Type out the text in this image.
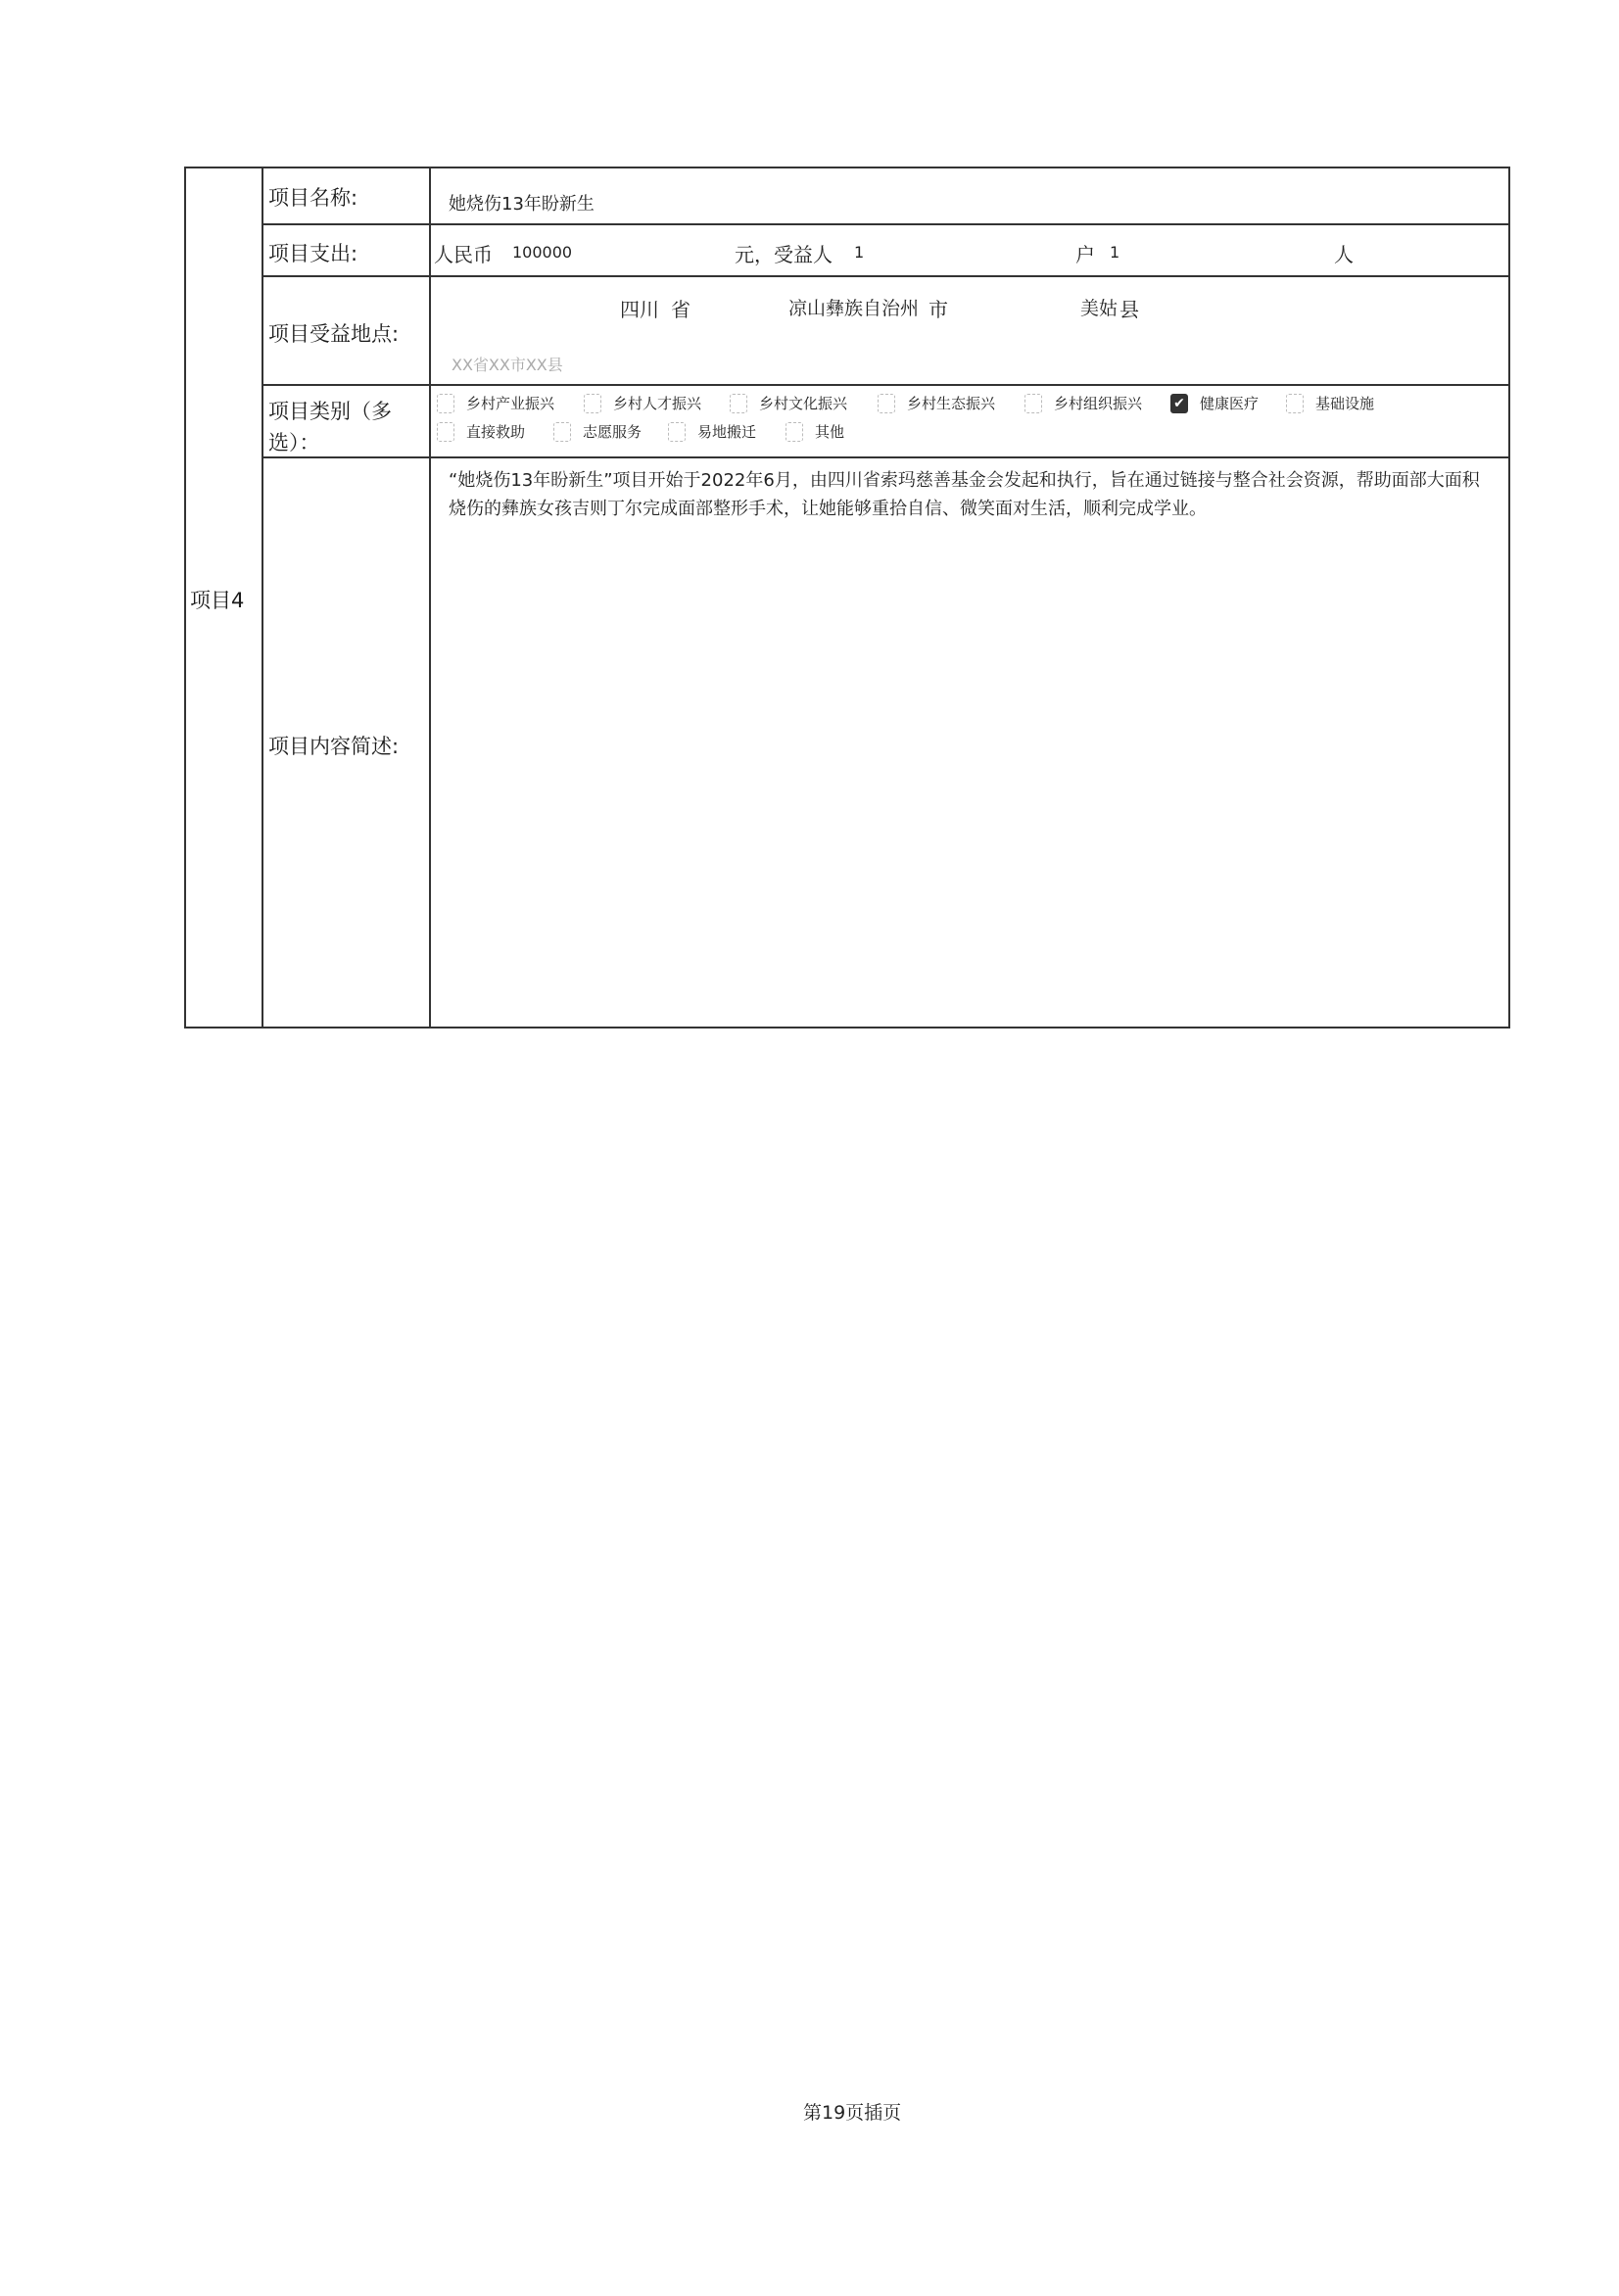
项目4
项目名称:	她烧伤13年盼新生
项目支出:	人民币 100000	元，受益人 1	户 1	人
项目受益地点:
四川 省	凉山彝族自治州 市	美姑 县
XX省XX市XX县
项目类别（多
选）：
乡村产业振兴	乡村人才振兴	乡村文化振兴	乡村生态振兴	乡村组织振兴 ✔ 健康医疗	基础设施
直接救助	志愿服务	易地搬迁	其他
项目内容简述:
“她烧伤13年盼新生”项目开始于2022年6月，由四川省索玛慈善基金会发起和执行，旨在通过链接与整合社会资源，帮助面部大面积烧伤的彝族女孩吉则丁尔完成面部整形手术，让她能够重拾自信、微笑面对生活，顺利完成学业。
第19页插页
